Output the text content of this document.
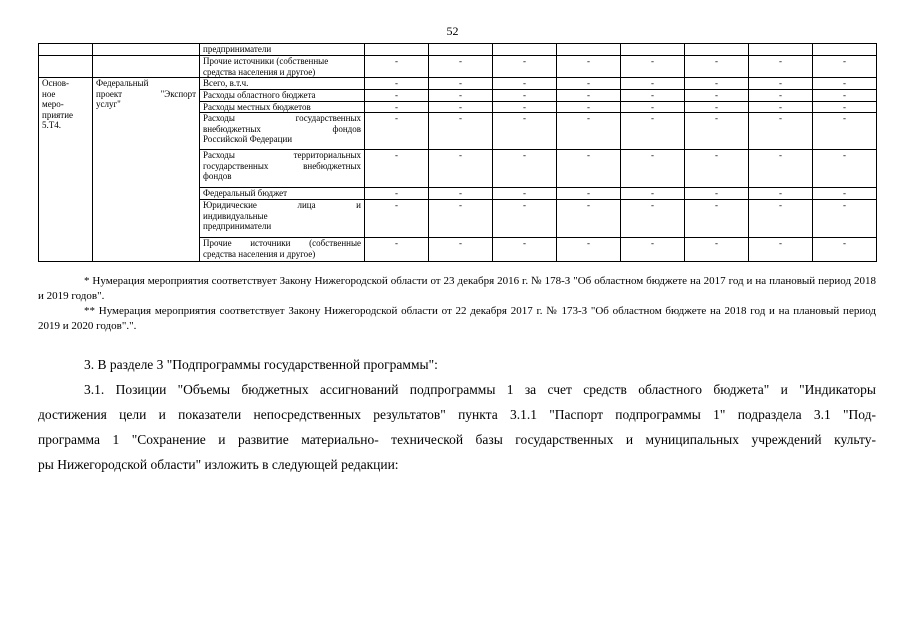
52
		предприниматели								
		Прочие источники (собственные средства населения и другое)	-	-	-	-	-	-	-	-

Основ-
ное
меро-
приятие
5.Т4.	Федеральный
проект "Экспорт
услуг"	Всего, в.т.ч.	-	-	-	-	-	-	-	-

		Расходы областного бюджета	-	-	-	-	-	-	-	-

		Расходы местных бюджетов	-	-	-	-	-	-	-	-

		Расходы государственных
внебюджетных фондов
Российской Федерации	-	-	-	-	-	-	-	-

		Расходы территориальных
государственных внебюджетных
фондов	-	-	-	-	-	-	-	-

		Федеральный бюджет	-	-	-	-	-	-	-	-

		Юридические лица и
индивидуальные
предприниматели	-	-	-	-	-	-	-	-

		Прочие источники (собственные
средства населения и другое)	-	-	-	-	-	-	-	-

* Нумерация мероприятия соответствует Закону Нижегородской области от 23 декабря 2016 г. № 178-З "Об областном бюджете на 2017 год и на плановый период 2018 и 2019 годов".

** Нумерация мероприятия соответствует Закону Нижегородской области от 22 декабря 2017 г. № 173-З "Об областном бюджете на 2018 год и на плановый период 2019 и 2020 годов".".

3. В разделе 3 "Подпрограммы государственной программы":

3.1. Позиции "Объемы бюджетных ассигнований подпрограммы 1 за счет средств областного бюджета" и "Индикаторы
достижения цели и показатели непосредственных результатов" пункта 3.1.1 "Паспорт подпрограммы 1" подраздела 3.1 "Под-
программа 1 "Сохранение и развитие материально- технической базы государственных и муниципальных учреждений культу-
ры Нижегородской области" изложить в следующей редакции:
